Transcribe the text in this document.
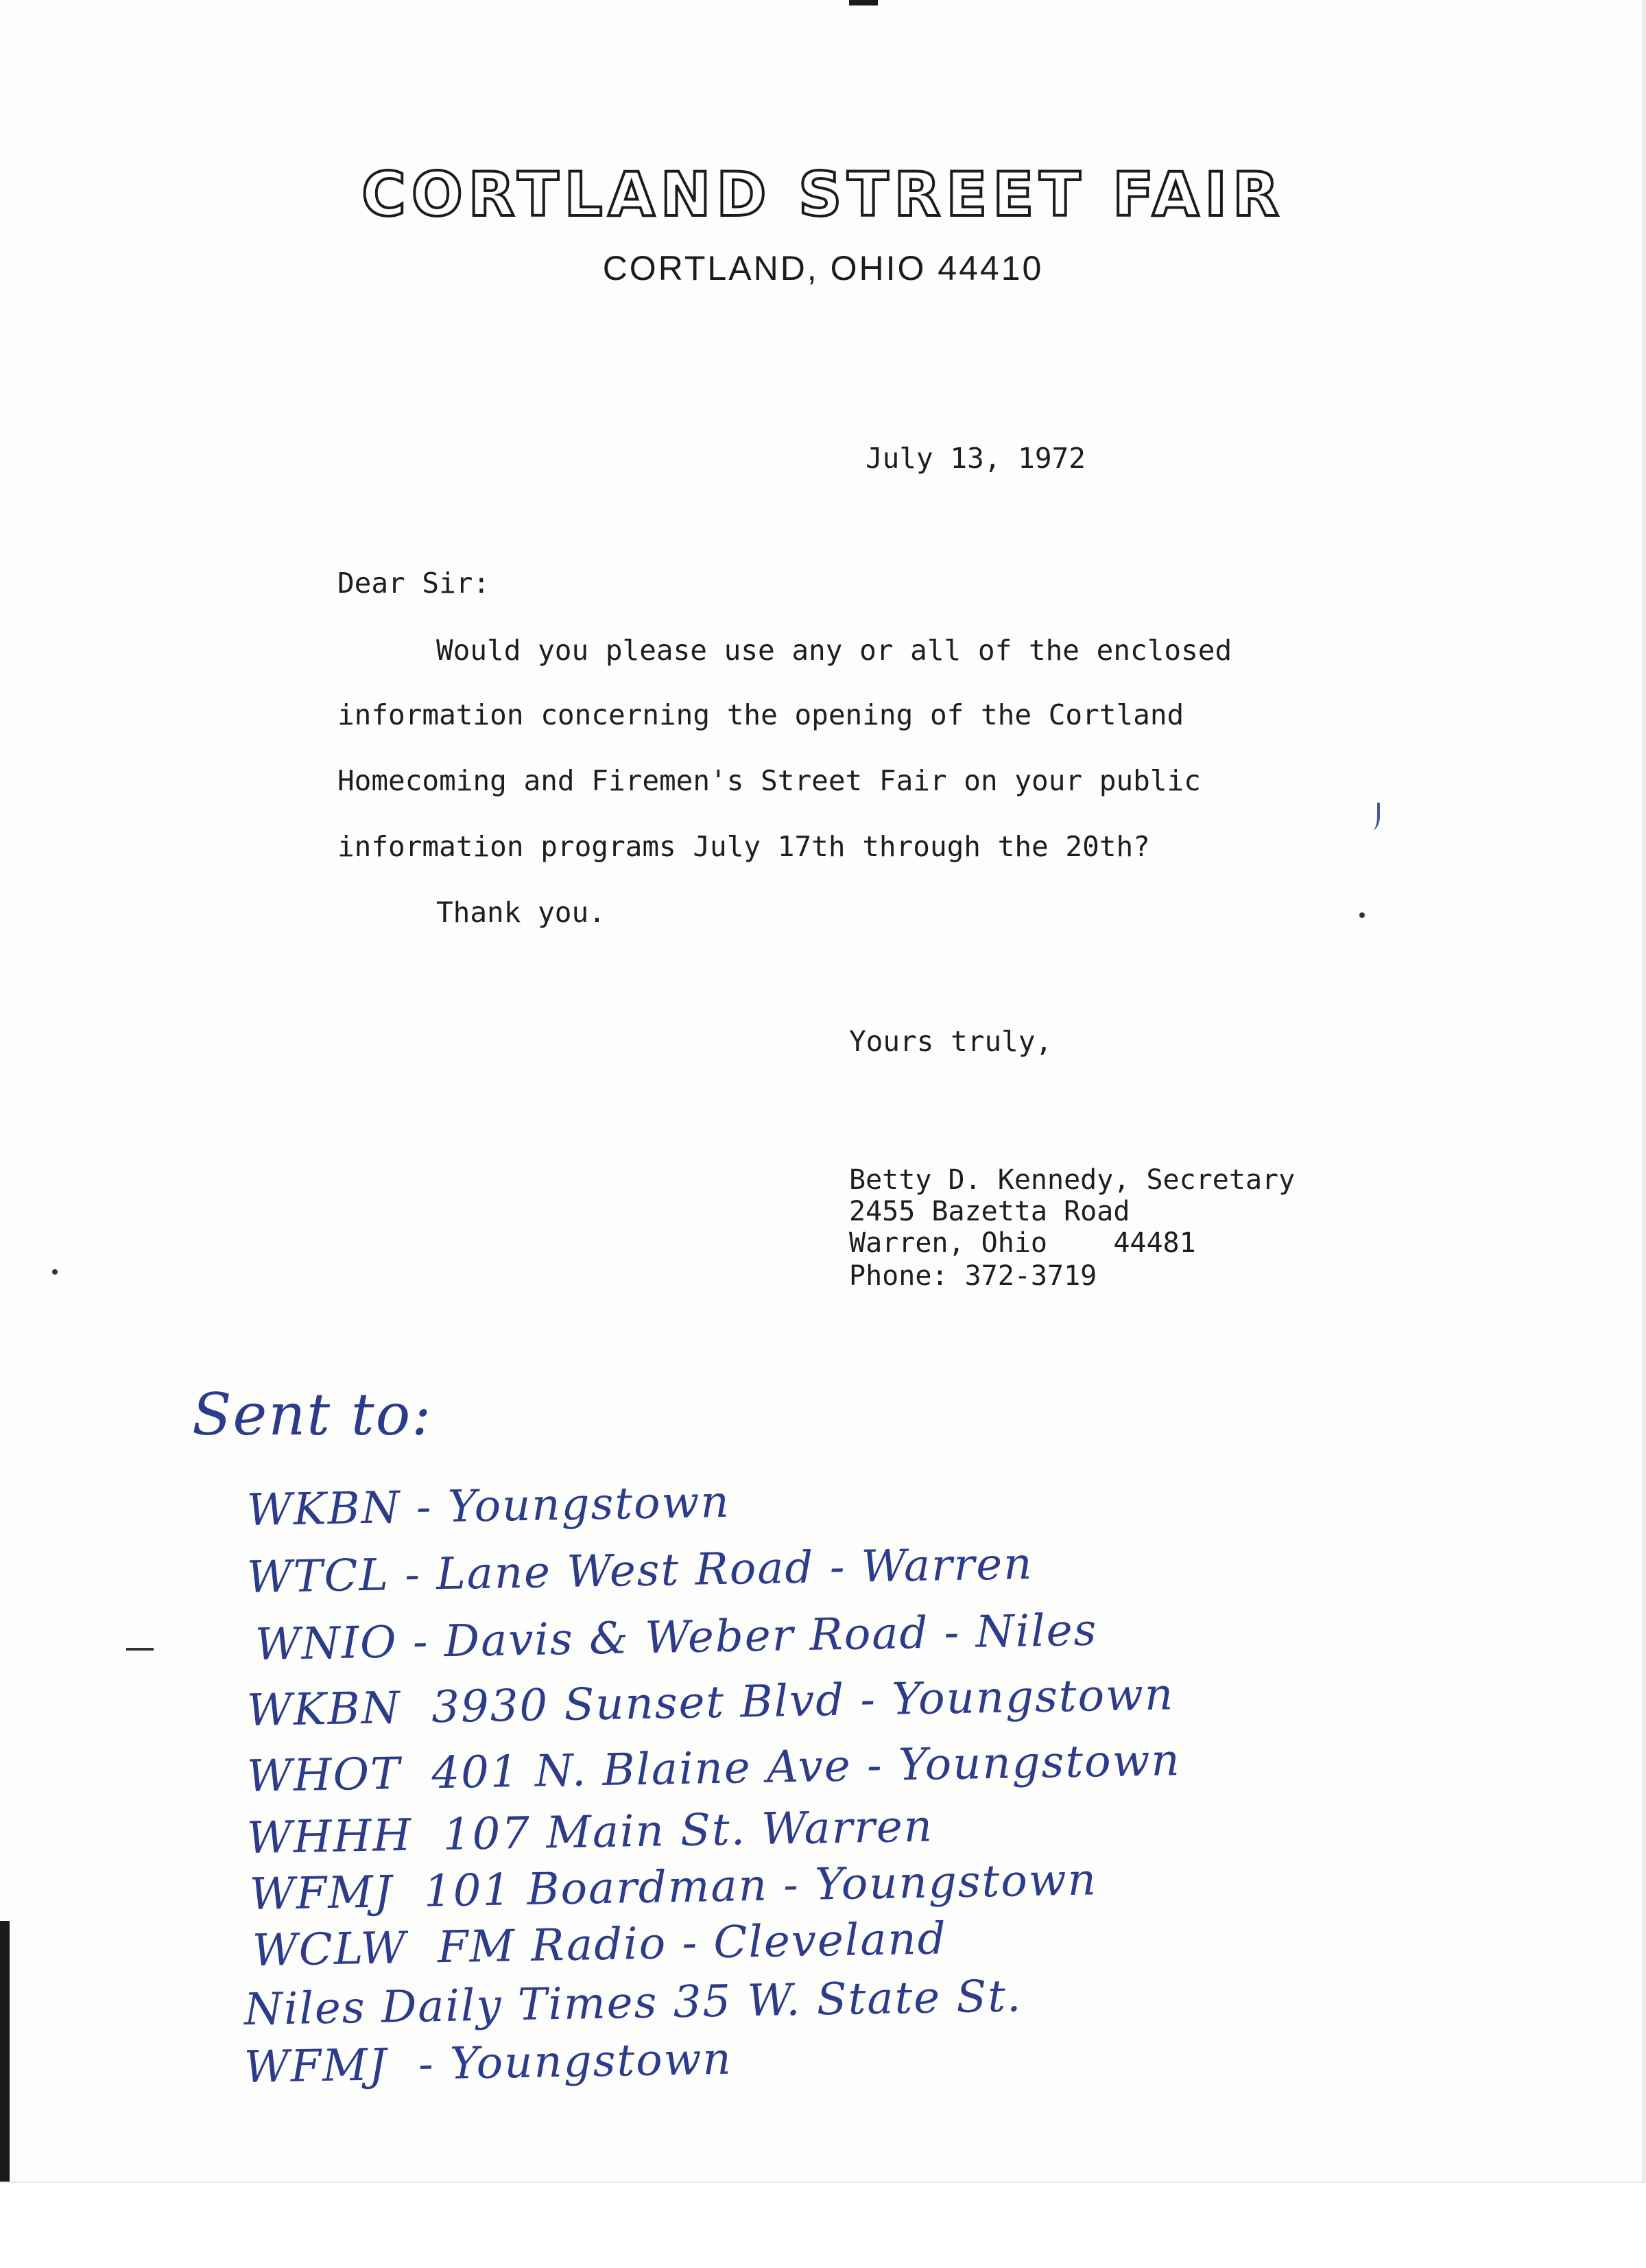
CORTLAND STREET FAIR
CORTLAND, OHIO 44410
July 13, 1972
Dear Sir:
Would you please use any or all of the enclosed
information concerning the opening of the Cortland
Homecoming and Firemen's Street Fair on your public
information programs July 17th through the 20th?
Thank you.
Yours truly,
Betty D. Kennedy, Secretary
2455 Bazetta Road
Warren, Ohio    44481
Phone: 372-3719
Sent to:
WKBN - Youngstown
WTCL - Lane West Road - Warren
WNIO - Davis & Weber Road - Niles
WKBN  3930 Sunset Blvd - Youngstown
WHOT  401 N. Blaine Ave - Youngstown
WHHH  107 Main St. Warren
WFMJ  101 Boardman - Youngstown
WCLW  FM Radio - Cleveland
Niles Daily Times 35 W. State St.
WFMJ  - Youngstown
